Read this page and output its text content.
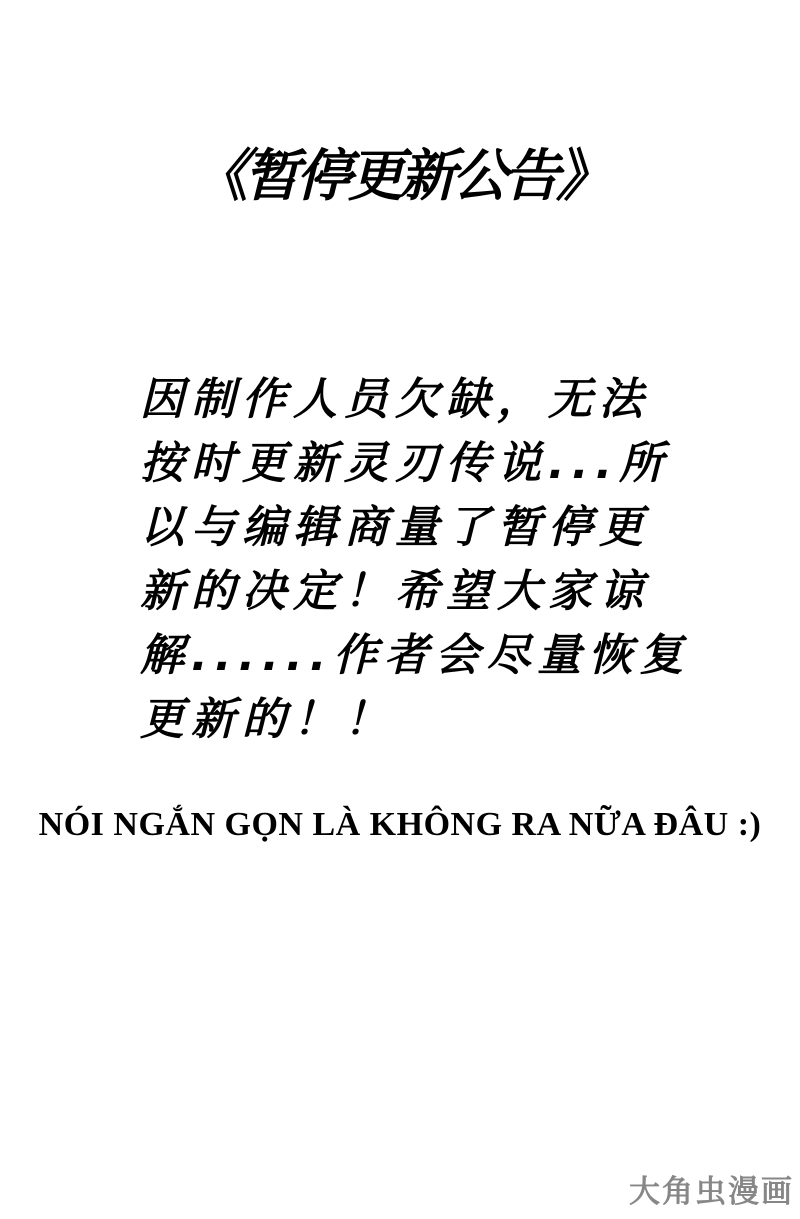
《暂停更新公告》
因制作人员欠缺，无法
按时更新灵刃传说...所
以与编辑商量了暂停更
新的决定！希望大家谅
解......作者会尽量恢复
更新的！！
NÓI NGẮN GỌN LÀ KHÔNG RA NỮA ĐÂU :)
大角虫漫画
